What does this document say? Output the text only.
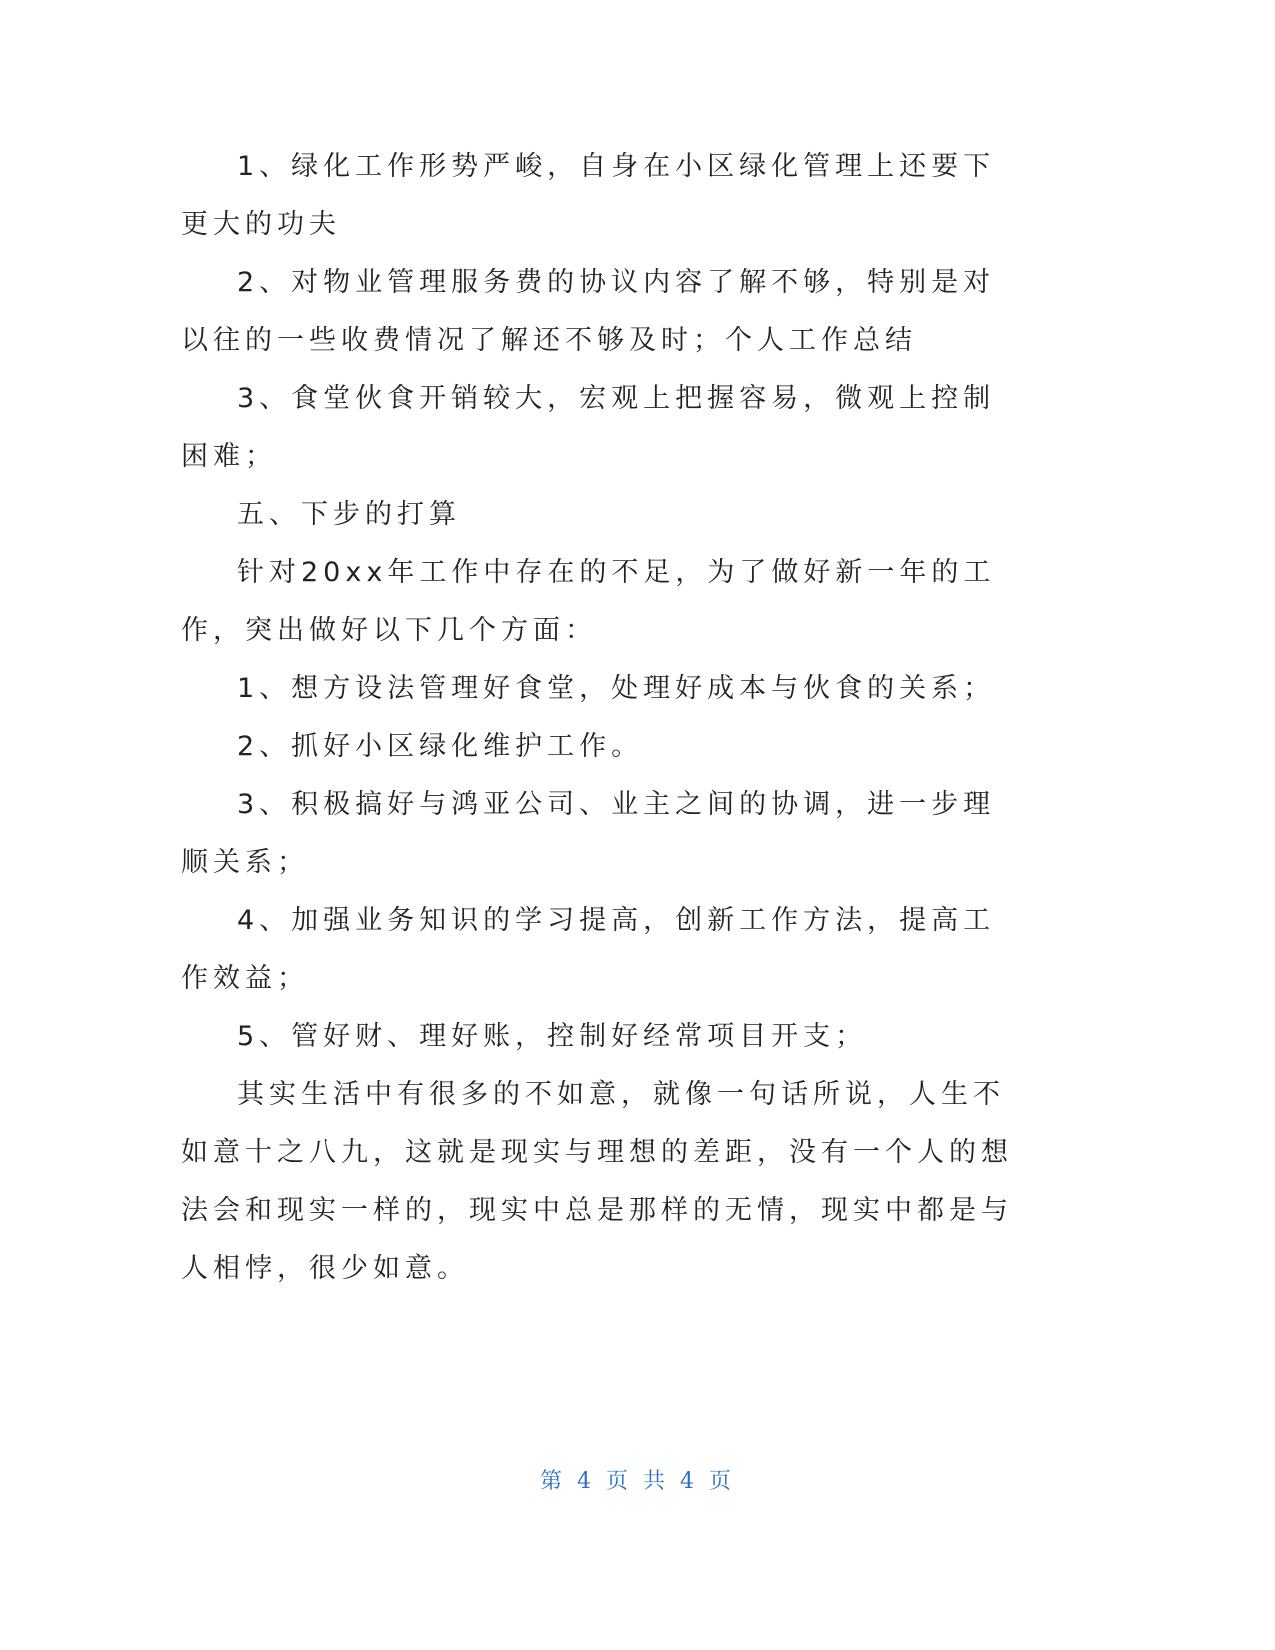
1、绿化工作形势严峻，自身在小区绿化管理上还要下更大的功夫

2、对物业管理服务费的协议内容了解不够，特别是对以往的一些收费情况了解还不够及时；个人工作总结

3、食堂伙食开销较大，宏观上把握容易，微观上控制困难；

五、下步的打算

针对20xx年工作中存在的不足，为了做好新一年的工作，突出做好以下几个方面：

1、想方设法管理好食堂，处理好成本与伙食的关系；

2、抓好小区绿化维护工作。

3、积极搞好与鸿亚公司、业主之间的协调，进一步理顺关系；

4、加强业务知识的学习提高，创新工作方法，提高工作效益；

5、管好财、理好账，控制好经常项目开支；

其实生活中有很多的不如意，就像一句话所说，人生不如意十之八九，这就是现实与理想的差距，没有一个人的想法会和现实一样的，现实中总是那样的无情，现实中都是与人相悖，很少如意。

第 4 页 共 4 页
